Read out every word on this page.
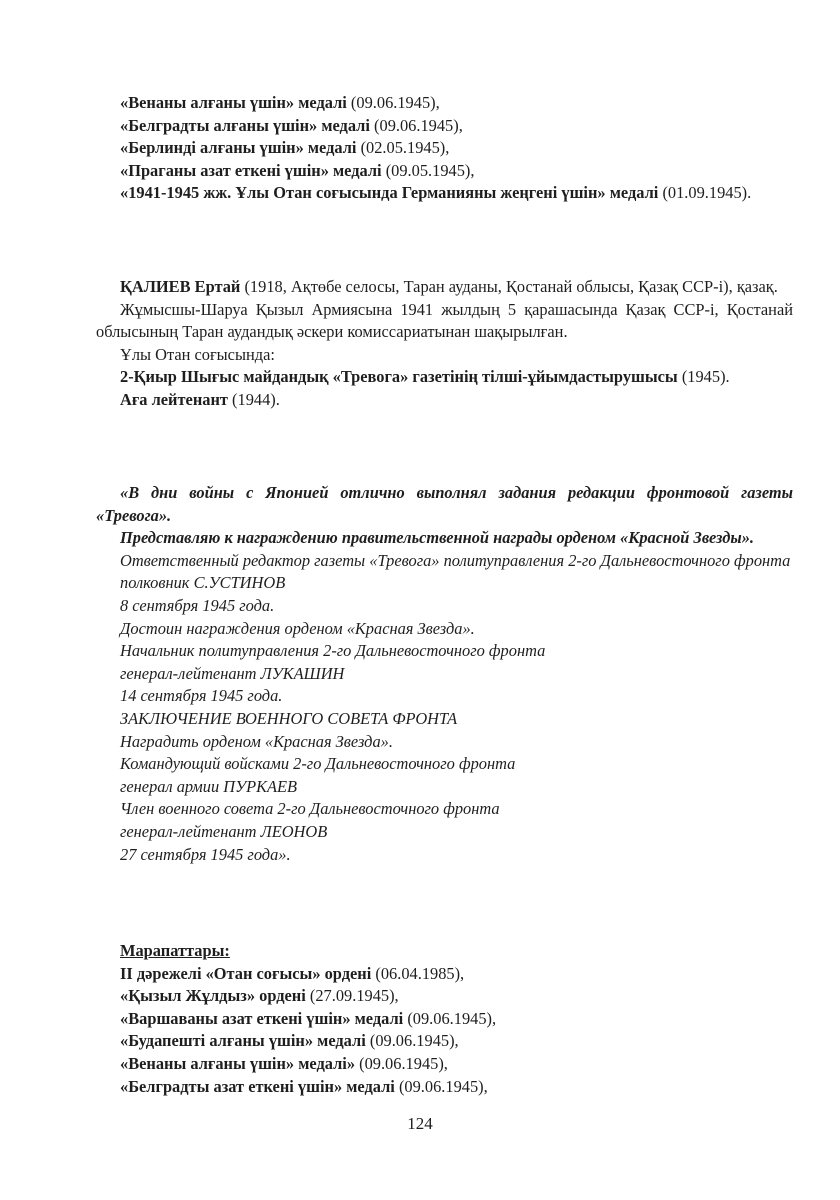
«Венаны алғаны үшін» медалі (09.06.1945),

«Белградты алғаны үшін» медалі (09.06.1945),

«Берлинді алғаны үшін» медалі (02.05.1945),

«Праганы азат еткені үшін» медалі (09.05.1945),

«1941-1945 жж. Ұлы Отан соғысында Германияны жеңгені үшін» медалі (01.09.1945).

ҚАЛИЕВ Ертай (1918, Ақтөбе селосы, Таран ауданы, Қостанай облысы, Қазақ ССР-і), қазақ.

Жұмысшы-Шаруа Қызыл Армиясына 1941 жылдың 5 қарашасында Қазақ ССР-і, Қостанай облысының Таран аудандық әскери комиссариатынан шақырылған.

Ұлы Отан соғысында:

2-Қиыр Шығыс майдандық «Тревога» газетінің тілші-ұйымдастырушысы (1945).

Аға лейтенант (1944).

«В дни войны с Японией отлично выполнял задания редакции фронтовой газеты «Тревога».

Представляю к награждению правительственной награды орденом «Красной Звезды».

Ответственный редактор газеты «Тревога» политуправления 2-го Дальневосточного фронта

полковник С.УСТИНОВ

8 сентября 1945 года.

Достоин награждения орденом «Красная Звезда».

Начальник политуправления 2-го Дальневосточного фронта

генерал-лейтенант ЛУКАШИН

14 сентября 1945 года.

ЗАКЛЮЧЕНИЕ ВОЕННОГО СОВЕТА ФРОНТА

Наградить орденом «Красная Звезда».

Командующий войсками 2-го Дальневосточного фронта

генерал армии ПУРКАЕВ

Член военного совета 2-го Дальневосточного фронта

генерал-лейтенант ЛЕОНОВ

27 сентября 1945 года».

Марапаттары:

II дәрежелі «Отан соғысы» ордені (06.04.1985),

«Қызыл Жұлдыз» ордені (27.09.1945),

«Варшаваны азат еткені үшін» медалі (09.06.1945),

«Будапешті алғаны үшін» медалі (09.06.1945),

«Венаны алғаны үшін» медалі» (09.06.1945),

«Белградты азат еткені үшін» медалі (09.06.1945),

124
